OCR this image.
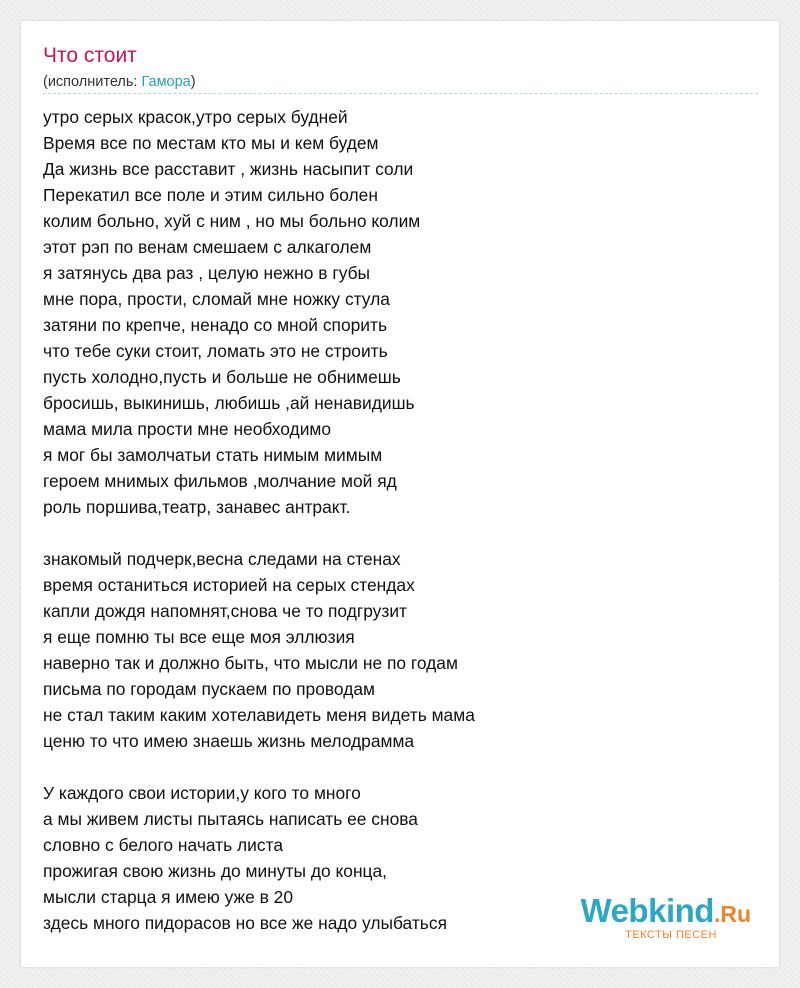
Что стоит
(исполнитель: Гамора)
утро серых красок,утро серых будней
Время все по местам кто мы и кем будем
Да жизнь все расставит , жизнь насыпит соли
Перекатил все поле и этим сильно болен
колим больно, хуй с ним , но мы больно колим
этот рэп по венам смешаем с алкаголем
я затянусь два раз , целую нежно в губы
мне пора, прости, сломай мне ножку стула
затяни по крепче, ненадо со мной спорить
что тебе суки стоит, ломать это не строить
пусть холодно,пусть и больше не обнимешь
бросишь, выкинишь, любишь ,ай ненавидишь
мама мила прости мне необходимо
я мог бы замолчатьи стать нимым мимым
героем мнимых фильмов ,молчание мой яд
роль поршива,театр, занавес антракт.
знакомый подчерк,весна следами на стенах
время останиться историей на серых стендах
капли дождя напомнят,снова че то подгрузит
я еще помню ты все еще моя эллюзия
наверно так и должно быть, что мысли не по годам
письма по городам пускаем по проводам
не стал таким каким хотелавидеть меня видеть мама
ценю то что имею знаешь жизнь мелодрамма
У каждого свои истории,у кого то много
а мы живем листы пытаясь написать ее снова
словно с белого начать листа
прожигая свою жизнь до минуты до конца,
мысли старца я имею уже в 20
здесь много пидорасов но все же надо улыбаться	Webkind.Ru
ТЕКСТЫ ПЕСЕН
